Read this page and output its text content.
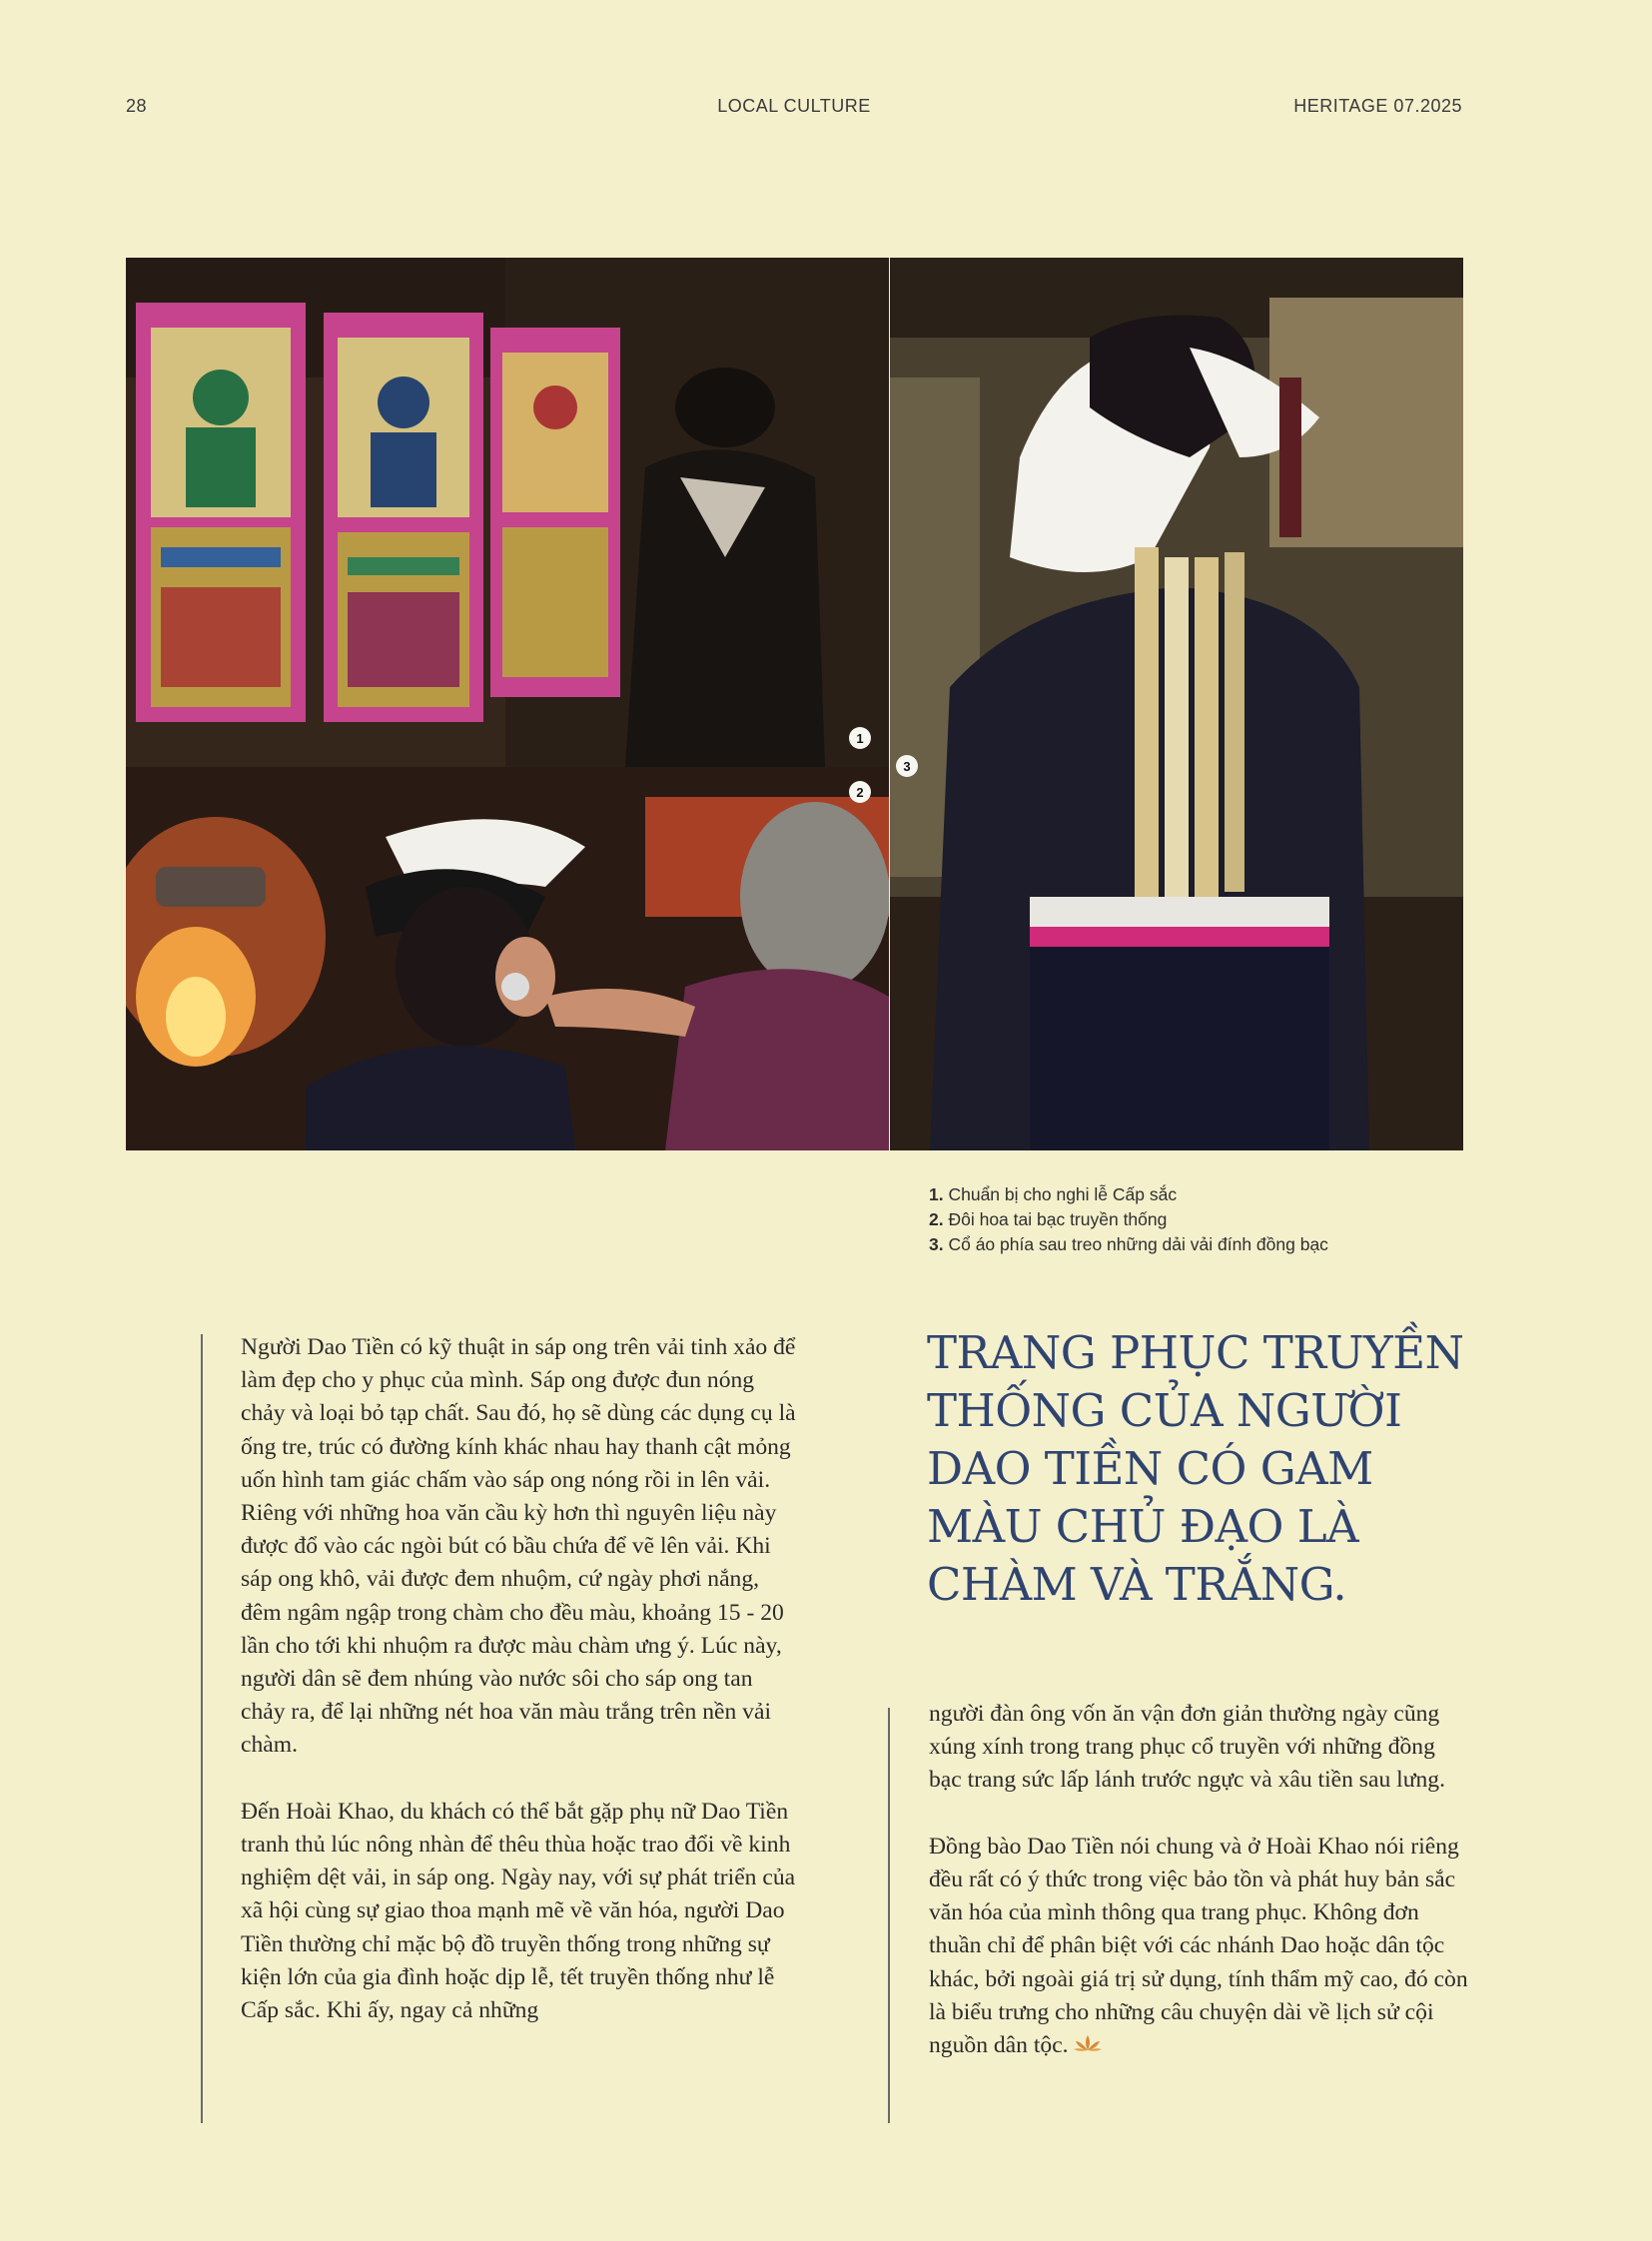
28	LOCAL CULTURE	HERITAGE 07.2025
1
2
3
1. Chuẩn bị cho nghi lễ Cấp sắc
2. Đôi hoa tai bạc truyền thống
3. Cổ áo phía sau treo những dải vải đính đồng bạc

Người Dao Tiền có kỹ thuật in sáp ong trên vải tinh xảo để làm đẹp cho y phục của mình. Sáp ong được đun nóng chảy và loại bỏ tạp chất. Sau đó, họ sẽ dùng các dụng cụ là ống tre, trúc có đường kính khác nhau hay thanh cật mỏng uốn hình tam giác chấm vào sáp ong nóng rồi in lên vải. Riêng với những hoa văn cầu kỳ hơn thì nguyên liệu này được đổ vào các ngòi bút có bầu chứa để vẽ lên vải. Khi sáp ong khô, vải được đem nhuộm, cứ ngày phơi nắng, đêm ngâm ngập trong chàm cho đều màu, khoảng 15 - 20 lần cho tới khi nhuộm ra được màu chàm ưng ý. Lúc này, người dân sẽ đem nhúng vào nước sôi cho sáp ong tan chảy ra, để lại những nét hoa văn màu trắng trên nền vải chàm.

Đến Hoài Khao, du khách có thể bắt gặp phụ nữ Dao Tiền tranh thủ lúc nông nhàn để thêu thùa hoặc trao đổi về kinh nghiệm dệt vải, in sáp ong. Ngày nay, với sự phát triển của xã hội cùng sự giao thoa mạnh mẽ về văn hóa, người Dao Tiền thường chỉ mặc bộ đồ truyền thống trong những sự kiện lớn của gia đình hoặc dịp lễ, tết truyền thống như lễ Cấp sắc. Khi ấy, ngay cả những

TRANG PHỤC TRUYỀN THỐNG CỦA NGƯỜI DAO TIỀN CÓ GAM MÀU CHỦ ĐẠO LÀ CHÀM VÀ TRẮNG.

người đàn ông vốn ăn vận đơn giản thường ngày cũng xúng xính trong trang phục cổ truyền với những đồng bạc trang sức lấp lánh trước ngực và xâu tiền sau lưng.

Đồng bào Dao Tiền nói chung và ở Hoài Khao nói riêng đều rất có ý thức trong việc bảo tồn và phát huy bản sắc văn hóa của mình thông qua trang phục. Không đơn thuần chỉ để phân biệt với các nhánh Dao hoặc dân tộc khác, bởi ngoài giá trị sử dụng, tính thẩm mỹ cao, đó còn là biểu trưng cho những câu chuyện dài về lịch sử cội nguồn dân tộc.
